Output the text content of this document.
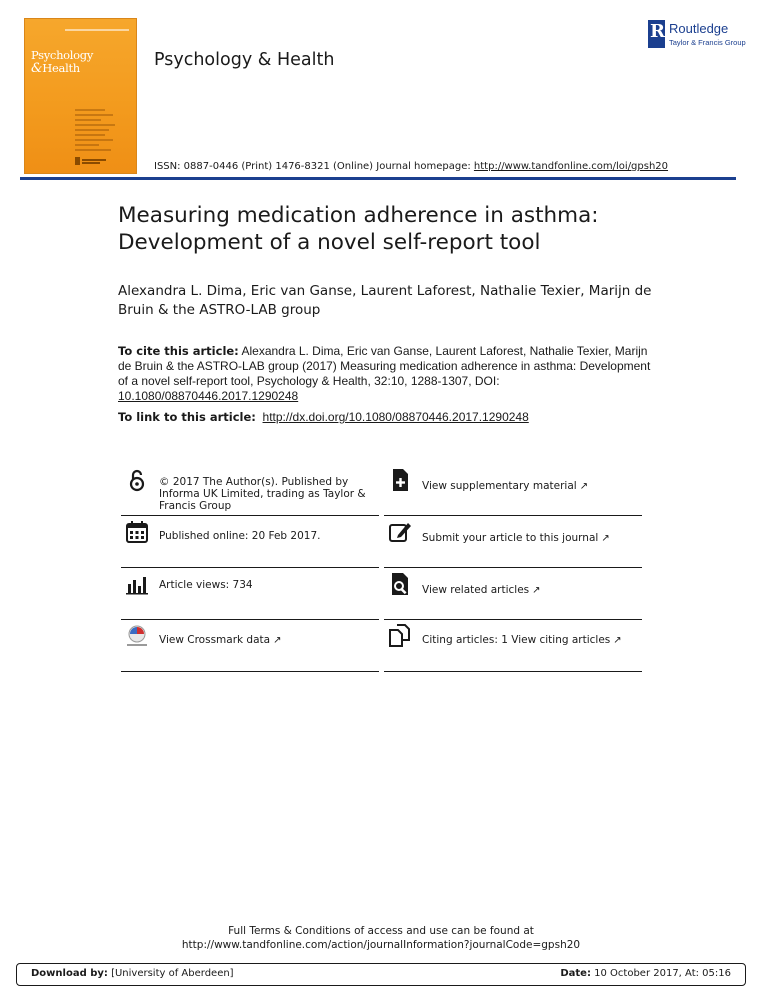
Psychology
&Health
R Routledge
Taylor & Francis Group
Psychology & Health
ISSN: 0887-0446 (Print) 1476-8321 (Online) Journal homepage: http://www.tandfonline.com/loi/gpsh20
Measuring medication adherence in asthma: Development of a novel self-report tool
Alexandra L. Dima, Eric van Ganse, Laurent Laforest, Nathalie Texier, Marijn de Bruin & the ASTRO-LAB group
To cite this article: Alexandra L. Dima, Eric van Ganse, Laurent Laforest, Nathalie Texier, Marijn de Bruin & the ASTRO-LAB group (2017) Measuring medication adherence in asthma: Development of a novel self-report tool, Psychology & Health, 32:10, 1288-1307, DOI:
10.1080/08870446.2017.1290248
To link to this article: http://dx.doi.org/10.1080/08870446.2017.1290248
© 2017 The Author(s). Published by Informa UK Limited, trading as Taylor & Francis Group
Published online: 20 Feb 2017.
Article views: 734
View Crossmark data ↗
View supplementary material ↗
Submit your article to this journal ↗
View related articles ↗
Citing articles: 1 View citing articles ↗
Full Terms & Conditions of access and use can be found at
http://www.tandfonline.com/action/journalInformation?journalCode=gpsh20
Download by: [University of Aberdeen]	Date: 10 October 2017, At: 05:16
